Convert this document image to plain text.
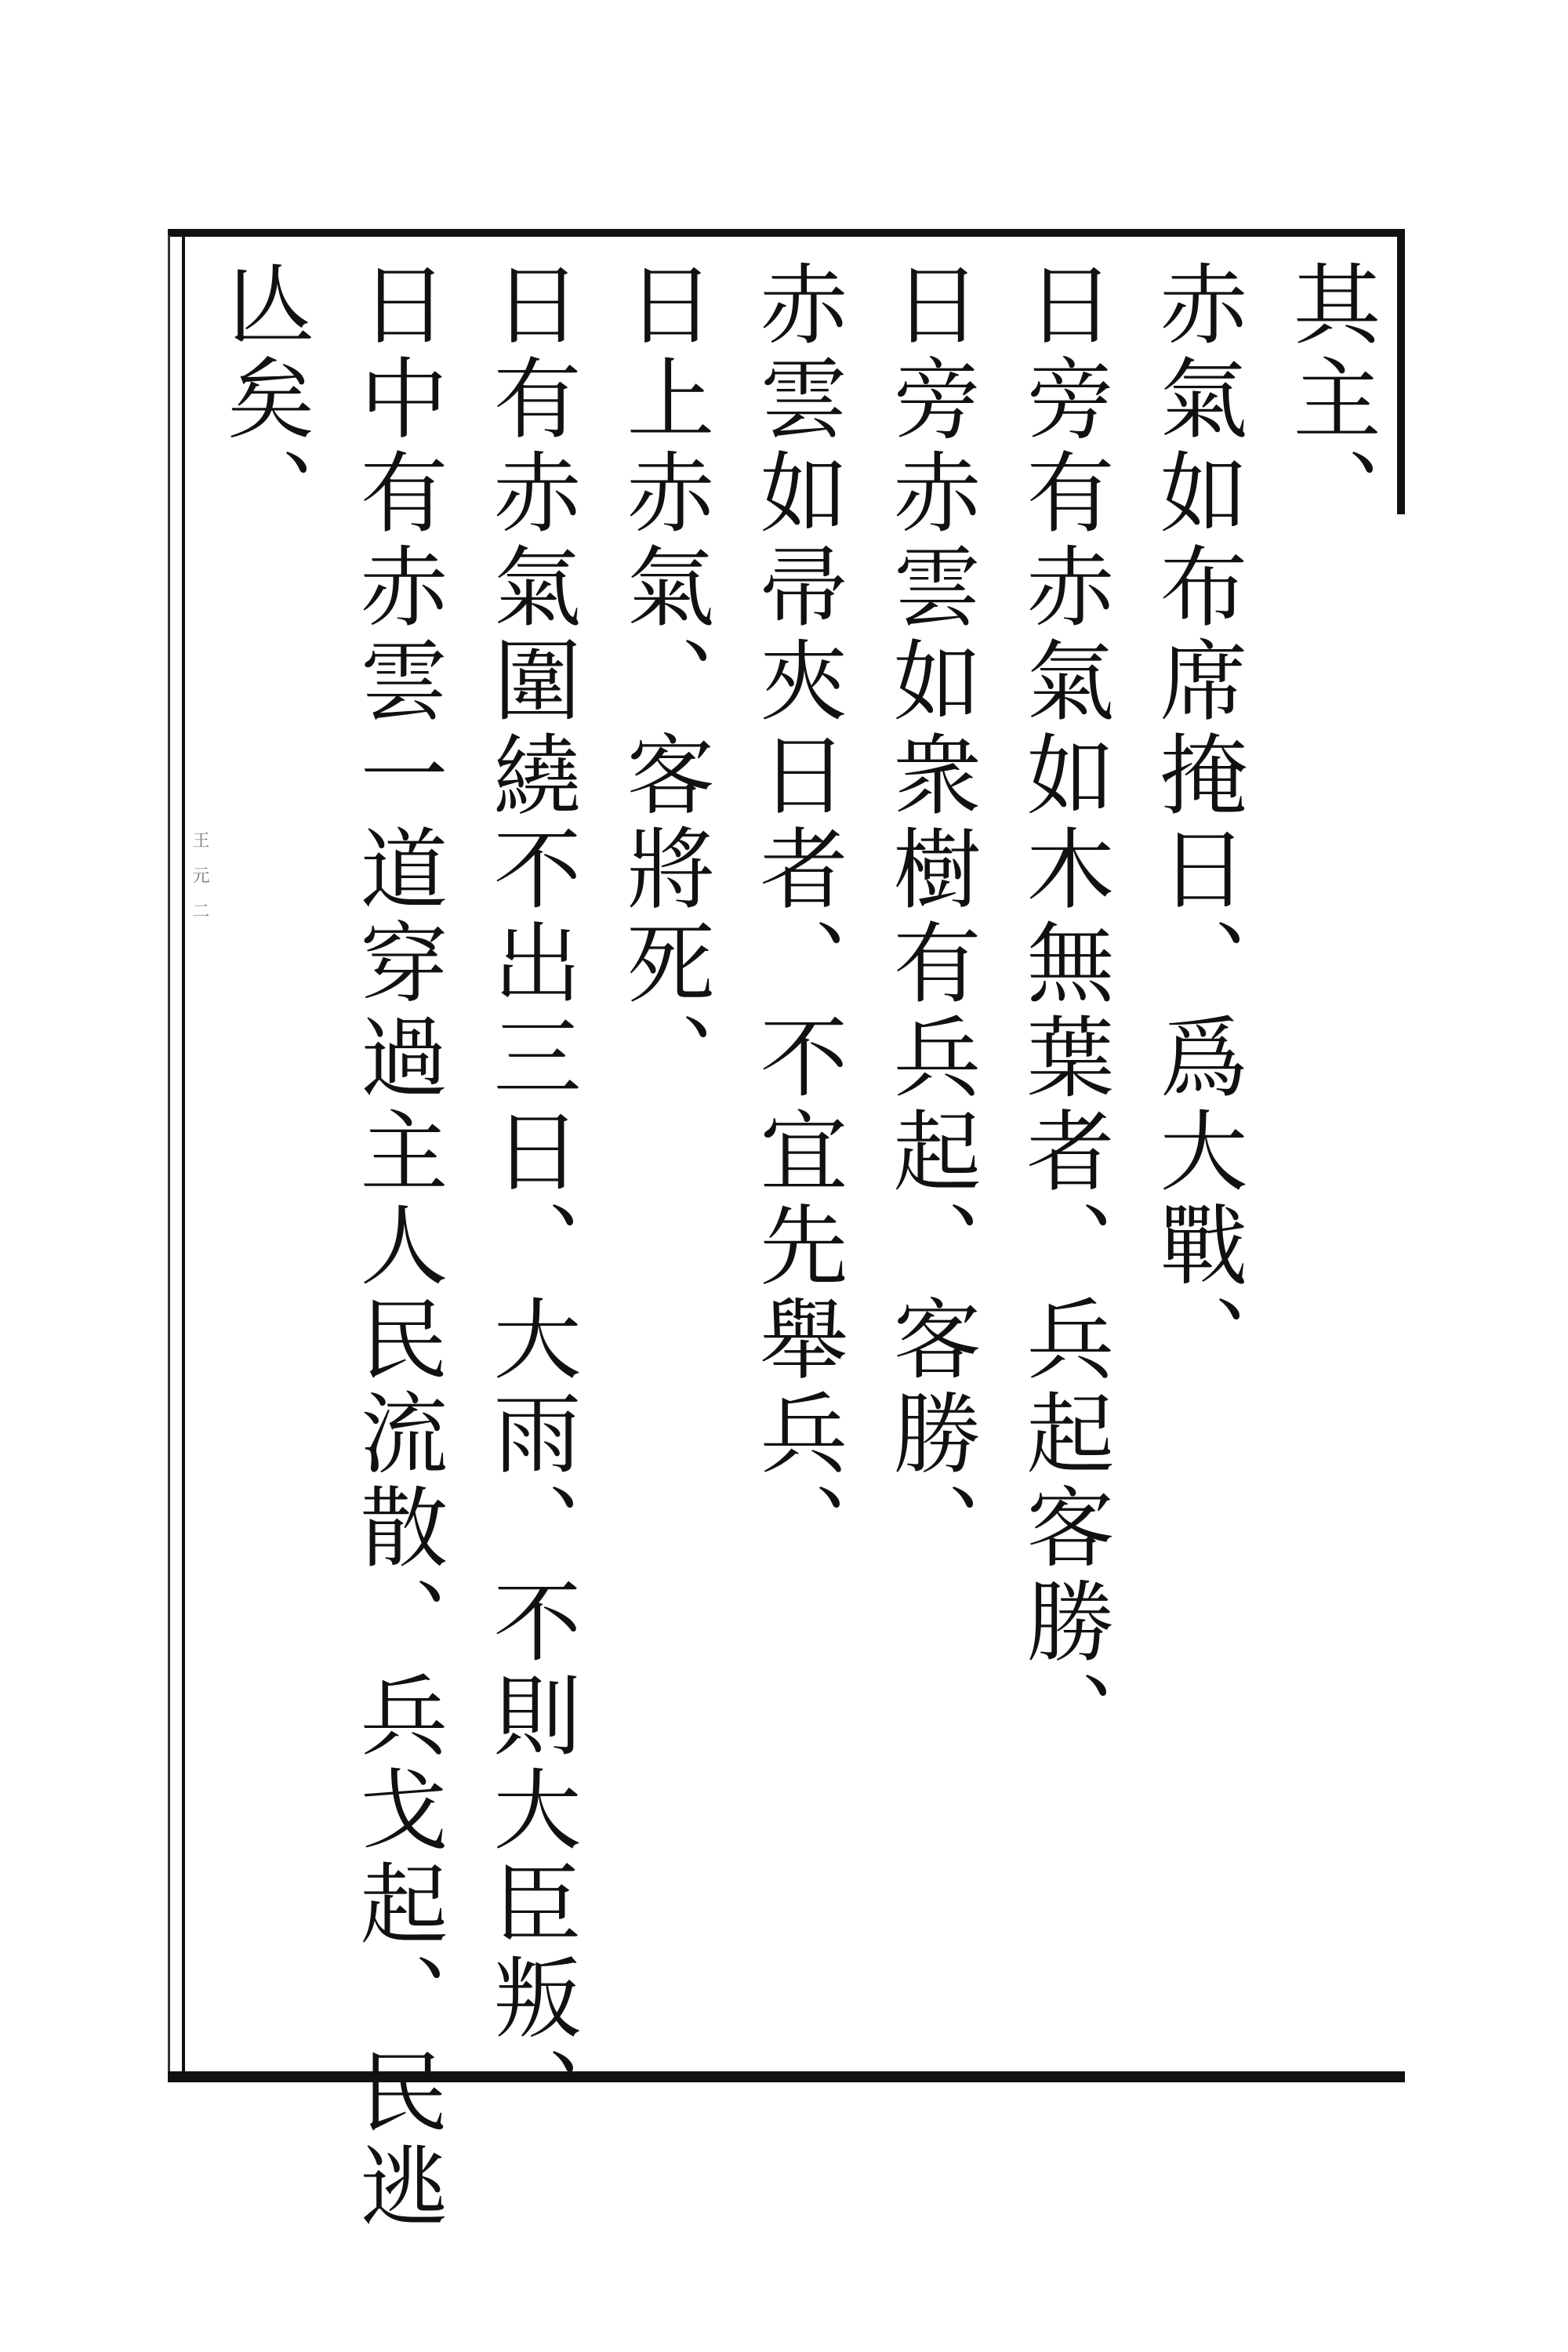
王 元 二
其主、
赤氣如布席掩日、爲大戰、
日旁有赤氣如木無葉者、兵起客勝、
日旁赤雲如衆樹有兵起、客勝、
赤雲如帚夾日者、不宜先舉兵、
日上赤氣、客將死、
日有赤氣圍繞不出三日、大雨、不則大臣叛、
日中有赤雲一道穿過主人民流散、兵戈起、民逃
亾矣、
